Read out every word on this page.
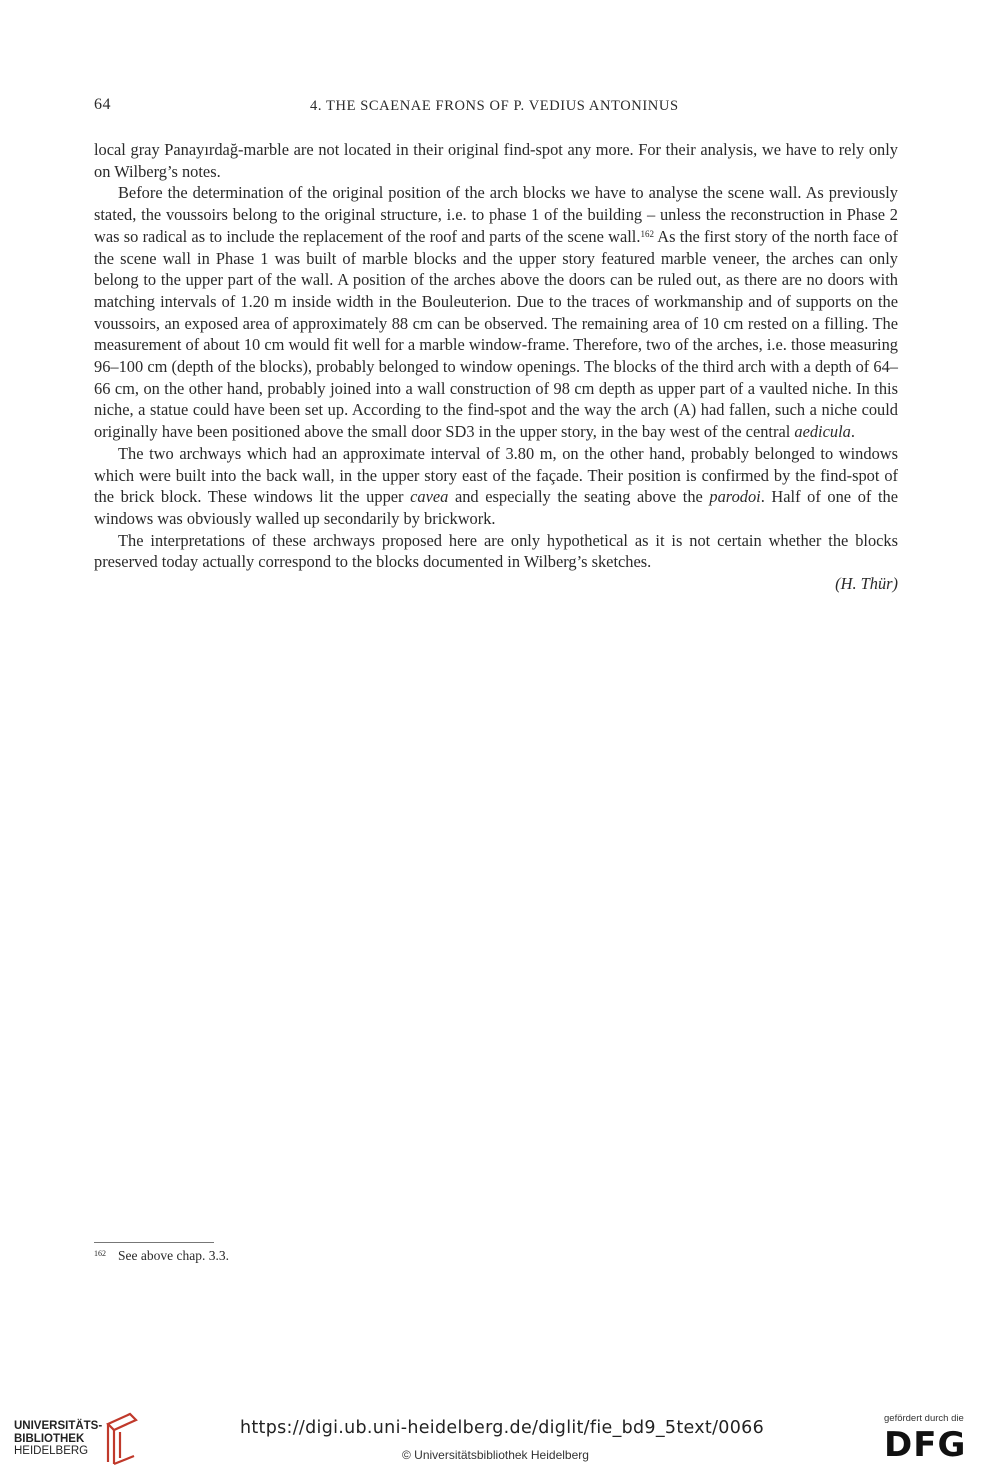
64	4. THE SCAENAE FRONS OF P. VEDIUS ANTONINUS

local gray Panayırdağ-marble are not located in their original find-spot any more. For their analysis, we have to rely only on Wilberg’s notes.

Before the determination of the original position of the arch blocks we have to analyse the scene wall. As previously stated, the voussoirs belong to the original structure, i.e. to phase 1 of the building – unless the reconstruction in Phase 2 was so radical as to include the replacement of the roof and parts of the scene wall.$^{162}$ As the first story of the north face of the scene wall in Phase 1 was built of marble blocks and the upper story featured marble veneer, the arches can only belong to the upper part of the wall. A position of the arches above the doors can be ruled out, as there are no doors with matching intervals of 1.20 m inside width in the Bouleuterion. Due to the traces of workmanship and of supports on the voussoirs, an exposed area of approximately 88 cm can be observed. The remaining area of 10 cm rested on a filling. The measurement of about 10 cm would fit well for a marble window-frame. Therefore, two of the arches, i.e. those measuring 96–100 cm (depth of the blocks), probably belonged to window openings. The blocks of the third arch with a depth of 64–66 cm, on the other hand, probably joined into a wall construction of 98 cm depth as upper part of a vaulted niche. In this niche, a statue could have been set up. According to the find-spot and the way the arch (A) had fallen, such a niche could originally have been positioned above the small door SD3 in the upper story, in the bay west of the central aedicula.

The two archways which had an approximate interval of 3.80 m, on the other hand, probably belonged to windows which were built into the back wall, in the upper story east of the façade. Their position is confirmed by the find-spot of the brick block. These windows lit the upper cavea and especially the seating above the parodoi. Half of one of the windows was obviously walled up secondarily by brickwork.

The interpretations of these archways proposed here are only hypothetical as it is not certain whether the blocks preserved today actually correspond to the blocks documented in Wilberg’s sketches.

(H. Thür)

$^{162}$ See above chap. 3.3.
UNIVERSITÄTS-
BIBLIOTHEK
HEIDELBERG
https://digi.ub.uni-heidelberg.de/diglit/fie_bd9_5text/0066
© Universitätsbibliothek Heidelberg
gefördert durch die
DFG
